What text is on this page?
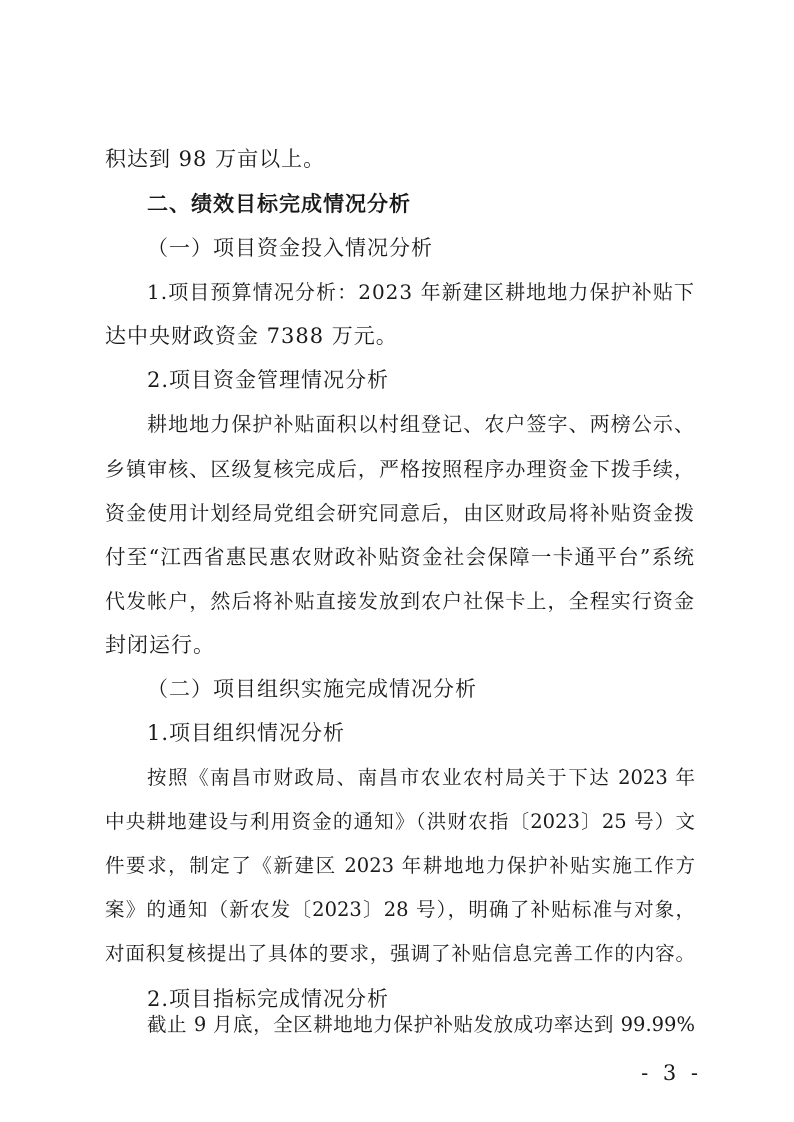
积达到 98 万亩以上。
二、绩效目标完成情况分析
（一）项目资金投入情况分析
1.项目预算情况分析：2023 年新建区耕地地力保护补贴下
达中央财政资金 7388 万元。
2.项目资金管理情况分析
耕地地力保护补贴面积以村组登记、农户签字、两榜公示、
乡镇审核、区级复核完成后，严格按照程序办理资金下拨手续，
资金使用计划经局党组会研究同意后，由区财政局将补贴资金拨
付至“江西省惠民惠农财政补贴资金社会保障一卡通平台”系统
代发帐户，然后将补贴直接发放到农户社保卡上，全程实行资金
封闭运行。
（二）项目组织实施完成情况分析
1.项目组织情况分析
按照《南昌市财政局、南昌市农业农村局关于下达 2023 年
中央耕地建设与利用资金的通知》（洪财农指〔2023〕25 号）文
件要求，制定了《新建区 2023 年耕地地力保护补贴实施工作方
案》的通知（新农发〔2023〕28 号），明确了补贴标准与对象，
对面积复核提出了具体的要求，强调了补贴信息完善工作的内容。
2.项目指标完成情况分析
截止 9 月底，全区耕地地力保护补贴发放成功率达到 99.99%
- 3 -
